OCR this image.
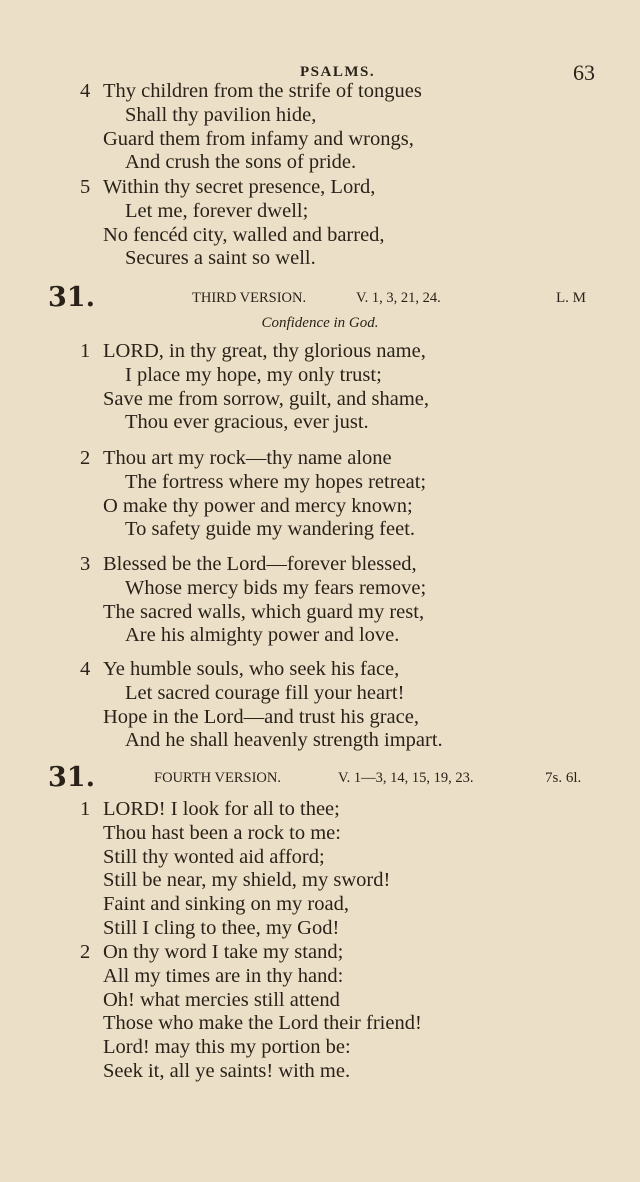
PSALMS.	63
4 Thy children from the strife of tongues
Shall thy pavilion hide,
Guard them from infamy and wrongs,
And crush the sons of pride.
5 Within thy secret presence, Lord,
Let me, forever dwell;
No fencéd city, walled and barred,
Secures a saint so well.
1 LORD, in thy great, thy glorious name,
I place my hope, my only trust;
Save me from sorrow, guilt, and shame,
Thou ever gracious, ever just.
2 Thou art my rock—thy name alone
The fortress where my hopes retreat;
O make thy power and mercy known;
To safety guide my wandering feet.
3 Blessed be the Lord—forever blessed,
Whose mercy bids my fears remove;
The sacred walls, which guard my rest,
Are his almighty power and love.
4 Ye humble souls, who seek his face,
Let sacred courage fill your heart!
Hope in the Lord—and trust his grace,
And he shall heavenly strength impart.
1 LORD! I look for all to thee;
Thou hast been a rock to me:
Still thy wonted aid afford;
Still be near, my shield, my sword!
Faint and sinking on my road,
Still I cling to thee, my God!
2 On thy word I take my stand;
All my times are in thy hand:
Oh! what mercies still attend
Those who make the Lord their friend!
Lord! may this my portion be:
Seek it, all ye saints! with me.
31.	THIRD VERSION.	V. 1, 3, 21, 24.	L. M
Confidence in God.
31.	FOURTH VERSION.	V. 1—3, 14, 15, 19, 23.	7s. 6l.
